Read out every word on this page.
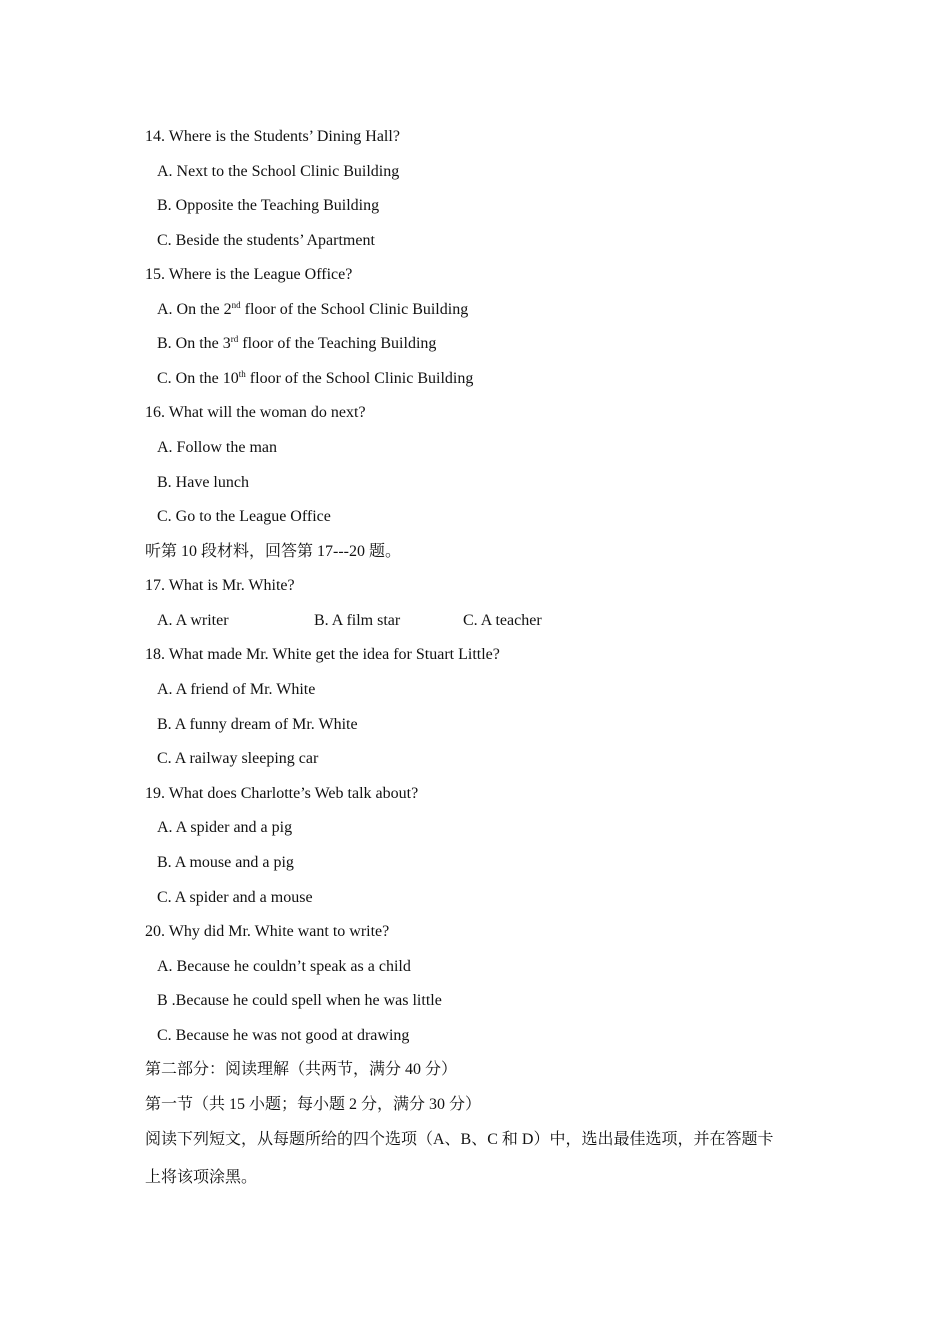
14. Where is the Students’ Dining Hall?
A. Next to the School Clinic Building
B. Opposite the Teaching Building
C. Beside the students’ Apartment
15. Where is the League Office?
A. On the 2nd floor of the School Clinic Building
B. On the 3rd floor of the Teaching Building
C. On the 10th floor of the School Clinic Building
16. What will the woman do next?
A. Follow the man
B. Have lunch
C. Go to the League Office
听第 10 段材料，回答第 17---20 题。
17. What is Mr. White?
A. A writer	B. A film star	C. A teacher
18. What made Mr. White get the idea for Stuart Little?
A. A friend of Mr. White
B. A funny dream of Mr. White
C. A railway sleeping car
19. What does Charlotte’s Web talk about?
A. A spider and a pig
B. A mouse and a pig
C. A spider and a mouse
20. Why did Mr. White want to write?
A. Because he couldn’t speak as a child
B .Because he could spell when he was little
C. Because he was not good at drawing
第二部分：阅读理解（共两节，满分 40 分）
第一节（共 15 小题；每小题 2 分，满分 30 分）
阅读下列短文，从每题所给的四个选项（A、B、C 和 D）中，选出最佳选项，并在答题卡
上将该项涂黑。
